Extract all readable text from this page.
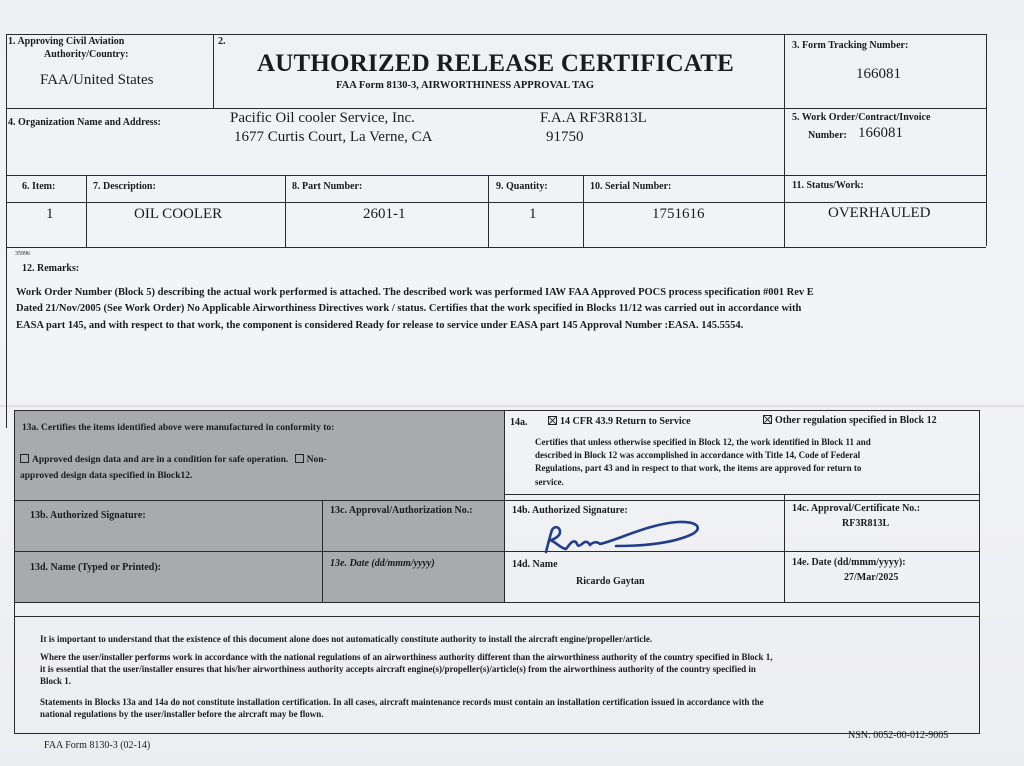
1. Approving Civil Aviation
Authority/Country:
FAA/United States
2.
AUTHORIZED RELEASE CERTIFICATE
FAA Form 8130-3, AIRWORTHINESS APPROVAL TAG
3. Form Tracking Number:
166081
4. Organization Name and Address:	Pacific Oil cooler Service, Inc.
1677 Curtis Court, La Verne, CA
F.A.A RF3R813L
91750
5. Work Order/Contract/Invoice
Number: 166081
6. Item:	7. Description:	8. Part Number:	9. Quantity:	10. Serial Number:	11. Status/Work:
1	OIL COOLER	2601-1	1	1751616	OVERHAULED
35996
12. Remarks:
Work Order Number (Block 5) describing the actual work performed is attached. The described work was performed IAW FAA Approved POCS process specification #001 Rev E
Dated 21/Nov/2005 (See Work Order) No Applicable Airworthiness Directives work / status. Certifies that the work specified in Blocks 11/12 was carried out in accordance with
EASA part 145, and with respect to that work, the component is considered Ready for release to service under EASA part 145 Approval Number :EASA. 145.5554.
13a. Certifies the items identified above were manufactured in conformity to:
Approved design data and are in a condition for safe operation. Non-
approved design data specified in Block12.
13b. Authorized Signature:	13c. Approval/Authorization No.:
13d. Name (Typed or Printed):	13e. Date (dd/mmm/yyyy)
14a.	14 CFR 43.9 Return to Service	Other regulation specified in Block 12
Certifies that unless otherwise specified in Block 12, the work identified in Block 11 and
described in Block 12 was accomplished in accordance with Title 14, Code of Federal
Regulations, part 43 and in respect to that work, the items are approved for return to
service.
14b. Authorized Signature:	14c. Approval/Certificate No.:
RF3R813L
14d. Name
Ricardo Gaytan
14e. Date (dd/mmm/yyyy):
27/Mar/2025
It is important to understand that the existence of this document alone does not automatically constitute authority to install the aircraft engine/propeller/article.
Where the user/installer performs work in accordance with the national regulations of an airworthiness authority different than the airworthiness authority of the country specified in Block 1,
it is essential that the user/installer ensures that his/her airworthiness authority accepts aircraft engine(s)/propeller(s)/article(s) from the airworthiness authority of the country specified in
Block 1.
Statements in Blocks 13a and 14a do not constitute installation certification. In all cases, aircraft maintenance records must contain an installation certification issued in accordance with the
national regulations by the user/installer before the aircraft may be flown.
FAA Form 8130-3 (02-14)
NSN: 0052-00-012-9005
